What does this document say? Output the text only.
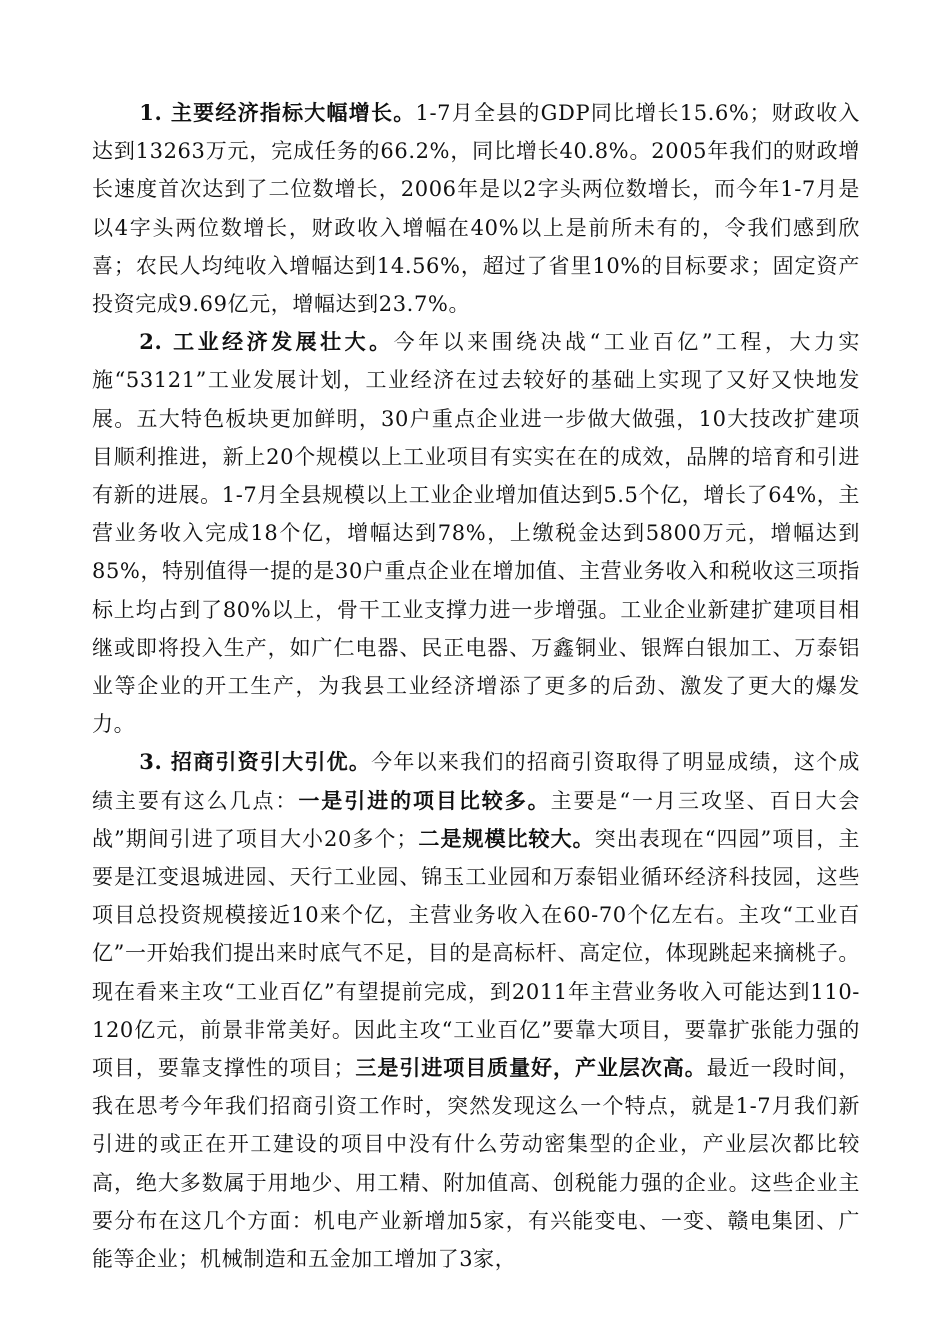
1. 主要经济指标大幅增长。1-7月全县的GDP同比增长15.6%；财政收入达到13263万元，完成任务的66.2%，同比增长40.8%。2005年我们的财政增长速度首次达到了二位数增长，2006年是以2字头两位数增长，而今年1-7月是以4字头两位数增长，财政收入增幅在40%以上是前所未有的，令我们感到欣喜；农民人均纯收入增幅达到14.56%，超过了省里10%的目标要求；固定资产投资完成9.69亿元，增幅达到23.7%。

2. 工业经济发展壮大。今年以来围绕决战“工业百亿”工程，大力实施“53121”工业发展计划，工业经济在过去较好的基础上实现了又好又快地发展。五大特色板块更加鲜明，30户重点企业进一步做大做强，10大技改扩建项目顺利推进，新上20个规模以上工业项目有实实在在的成效，品牌的培育和引进有新的进展。1-7月全县规模以上工业企业增加值达到5.5个亿，增长了64%，主营业务收入完成18个亿，增幅达到78%，上缴税金达到5800万元，增幅达到85%，特别值得一提的是30户重点企业在增加值、主营业务收入和税收这三项指标上均占到了80%以上，骨干工业支撑力进一步增强。工业企业新建扩建项目相继或即将投入生产，如广仁电器、民正电器、万鑫铜业、银辉白银加工、万泰铝业等企业的开工生产，为我县工业经济增添了更多的后劲、激发了更大的爆发力。

3. 招商引资引大引优。今年以来我们的招商引资取得了明显成绩，这个成绩主要有这么几点：一是引进的项目比较多。主要是“一月三攻坚、百日大会战”期间引进了项目大小20多个；二是规模比较大。突出表现在“四园”项目，主要是江变退城进园、天行工业园、锦玉工业园和万泰铝业循环经济科技园，这些项目总投资规模接近10来个亿，主营业务收入在60-70个亿左右。主攻“工业百亿”一开始我们提出来时底气不足，目的是高标杆、高定位，体现跳起来摘桃子。现在看来主攻“工业百亿”有望提前完成，到2011年主营业务收入可能达到110-120亿元，前景非常美好。因此主攻“工业百亿”要靠大项目，要靠扩张能力强的项目，要靠支撑性的项目；三是引进项目质量好，产业层次高。最近一段时间，我在思考今年我们招商引资工作时，突然发现这么一个特点，就是1-7月我们新引进的或正在开工建设的项目中没有什么劳动密集型的企业，产业层次都比较高，绝大多数属于用地少、用工精、附加值高、创税能力强的企业。这些企业主要分布在这几个方面：机电产业新增加5家，有兴能变电、一变、赣电集团、广能等企业；机械制造和五金加工增加了3家，
